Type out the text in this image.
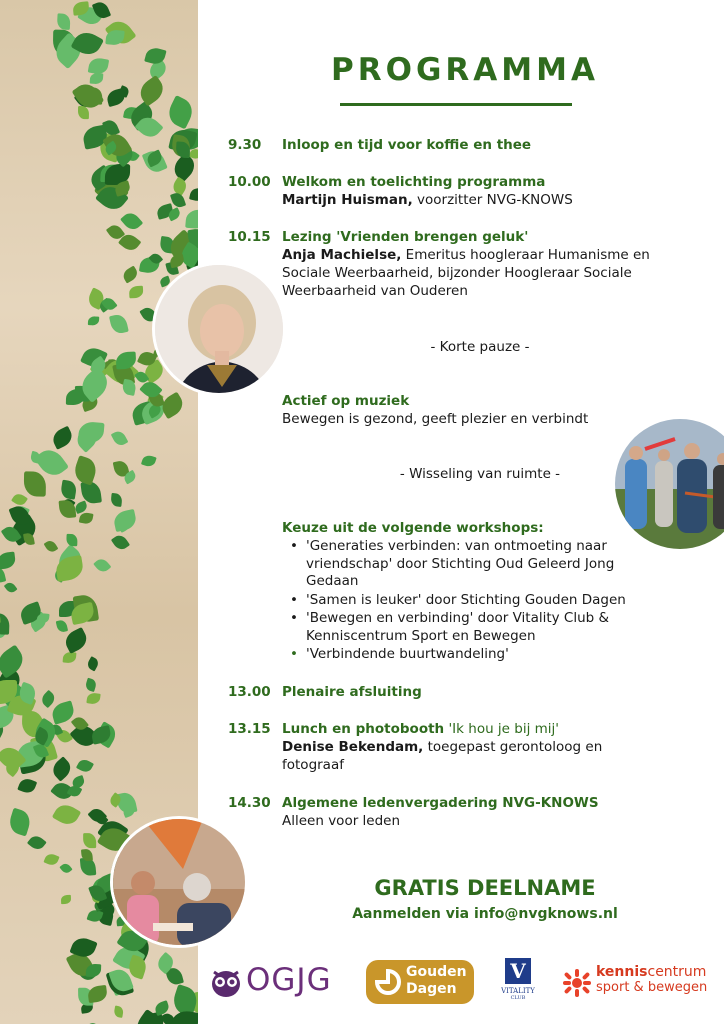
PROGRAMMA
9.30 Inloop en tijd voor koffie en thee
10.00 Welkom en toelichting programma
Martijn Huisman, voorzitter NVG-KNOWS
10.15 Lezing 'Vrienden brengen geluk'
Anja Machielse, Emeritus hoogleraar Humanisme en
Sociale Weerbaarheid, bijzonder Hoogleraar Sociale
Weerbaarheid van Ouderen
- Korte pauze -
Actief op muziek
Bewegen is gezond, geeft plezier en verbindt
- Wisseling van ruimte -
Keuze uit de volgende workshops:
• 'Generaties verbinden: van ontmoeting naar
vriendschap' door Stichting Oud Geleerd Jong
Gedaan
• 'Samen is leuker' door Stichting Gouden Dagen
• 'Bewegen en verbinding' door Vitality Club &
Kenniscentrum Sport en Bewegen
• 'Verbindende buurtwandeling'
13.00 Plenaire afsluiting
13.15 Lunch en photobooth 'Ik hou je bij mij'
Denise Bekendam, toegepast gerontoloog en
fotograaf
14.30 Algemene ledenvergadering NVG-KNOWS
Alleen voor leden
GRATIS DEELNAME
Aanmelden via info@nvgknows.nl
OGJG	Gouden
Dagen
V
VITALITY
CLUB
kenniscentrum
sport & bewegen
